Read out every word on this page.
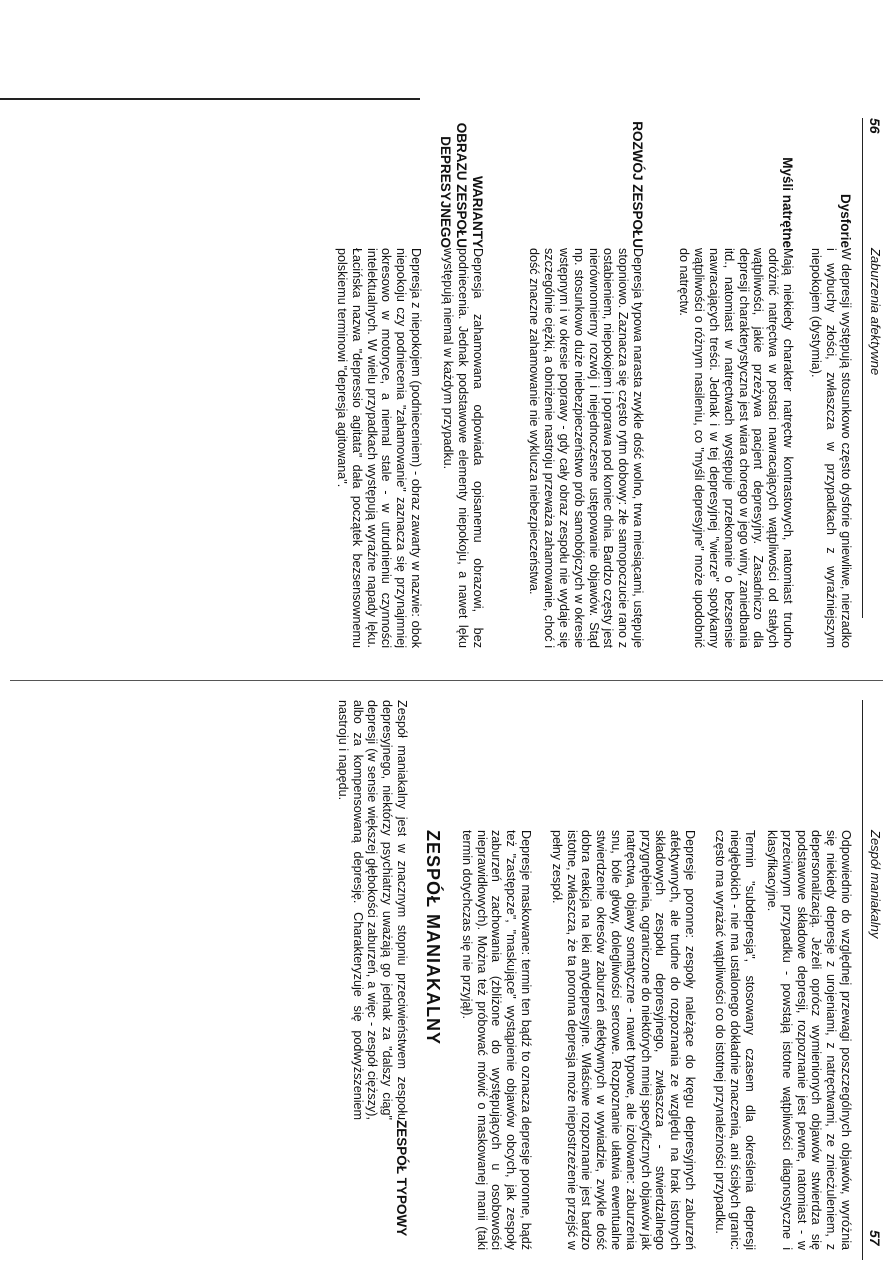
56
Zaburzenia afektywne
Dysforie

W depresji występują stosunkowo często dysforie gniewliwe, nierzadko i wybuchy złości, zwłaszcza w przypadkach z wyraźniejszym niepokojem (dystymia).

Myśli natrętne

Mają niekiedy charakter natręctw kontrastowych, natomiast trudno odróżnić natręctwa w postaci nawracających wątpliwości od stałych wątpliwości, jakie przeżywa pacjent depresyjny. Zasadniczo dla depresji charakterystyczna jest wiara chorego w jego winy, zaniedbania itd., natomiast w natręctwach występuje przekonanie o bezsensie nawracających treści. Jednak i w tej depresyjnej "wierze" spotykamy wątpliwości o różnym nasileniu, co "myśli depresyjne" może upodobnić do natręctw.

ROZWÓJ ZESPOŁU

Depresja typowa narasta zwykle dość wolno, trwa miesiącami, ustępuje stopniowo. Zaznacza się często rytm dobowy: złe samopoczucie rano z ostabieniem, niepokojem i poprawa pod koniec dnia. Bardzo częsty jest nierównomierny rozwój i niejednoczesne ustępowanie objawów. Stąd np. stosunkowo duże niebezpieczeństwo prób samobójczych w okresie wstępnym i w okresie poprawy - gdy cały obraz zespołu nie wydaje się szczególnie ciężki, a obniżenie nastroju przeważa zahamowanie, choć i dość znaczne zahamowanie nie wyklucza niebezpieczeństwa.

WARIANTY OBRAZU ZESPOŁU DEPRESYJNEGO

Depresja zahamowana odpowiada opisanemu obrazowi, bez podniecenia. Jednak podstawowe elementy niepokoju, a nawet lęku występują niemal w każdym przypadku.

Depresja z niepokojem (podnieceniem) - obraz zawarty w nazwie: obok niepokoju czy podniecenia "zahamowanie" zaznacza się przynajmniej okresowo w motoryce, a niemal stale - w utrudnieniu czynności intelektualnych. W wielu przypadkach występują wyraźne napady lęku. Łacińska nazwa "depressio agitata" dała początek bezsensownemu polskiemu terminowi "depresja agitowana".

Zespół maniakalny
57

Odpowiednio do względnej przewagi poszczególnych objawów, wyróżnia się niekiedy depresje z urojeniami, z natręctwami, ze zniecżuleniem, z depersonalizacją. Jeżeli oprócz wymienionych objawów stwierdza się podstawowe składowe depresji, rozpoznanie jest pewne, natomiast - w przeciwnym przypadku - powstają istotne wątpliwości diagnostyczne i klasyfikacyjne.

Termin "subdepresja", stosowany czasem dla określenia depresji niegłębokich - nie ma ustalonego dokładnie znaczenia, ani ścisłych granic: często ma wyrażać wątpliwości co do istotnej przynależności przypadku.

Depresje poronne: zespoły należące do kręgu depresyjnych zaburzeń afektywnych, ale trudne do rozpoznania ze względu na brak istotnych składowych zespołu depresyjnego, zwłaszcza - stwierdzalnego przygnębienia, ograniczone do niektórych mniej specyficznych objawów jak natręctwa, objawy somatyczne - nawet typowe, ale izolowane: zaburzenia snu, bóle głowy, dolegliwości sercowe. Rozpoznanie ułatwia ewentualne stwierdzenie okresów zaburzeń afektywnych w wywiadzie, zwykle dość dobra reakcja na leki antydepresyjne. Właściwe rozpoznanie jest bardzo istotne, zwłaszcza, że ta poronna depresja może niepostrzeżenie przejść w pełny zespół.

Depresje maskowane: termin ten bądź to oznacza depresje poronne, bądź też "zastępcze", "maskujące" wystąpienie objawów obcych, jak zespoły zaburzeń zachowania (zbliżone do występujących u osobowości nieprawidłowych). Można też próbować mówić o maskowanej manii (taki termin dotychczas się nie przyjął).

ZESPÓŁ MANIAKALNY

Zespół maniakalny jest w znacznym stopniu przeciwieństwem zespołu depresyjnego, niektórzy psychiatrzy uważają go jednak za "dalszy ciąg" depresji (w sensie większej głębokości zaburzeń, a więc - zespół cięższy), albo za kompensowaną depresję. Charakteryzuje się podwyższeniem nastroju i napędu.

ZESPÓŁ TYPOWY
